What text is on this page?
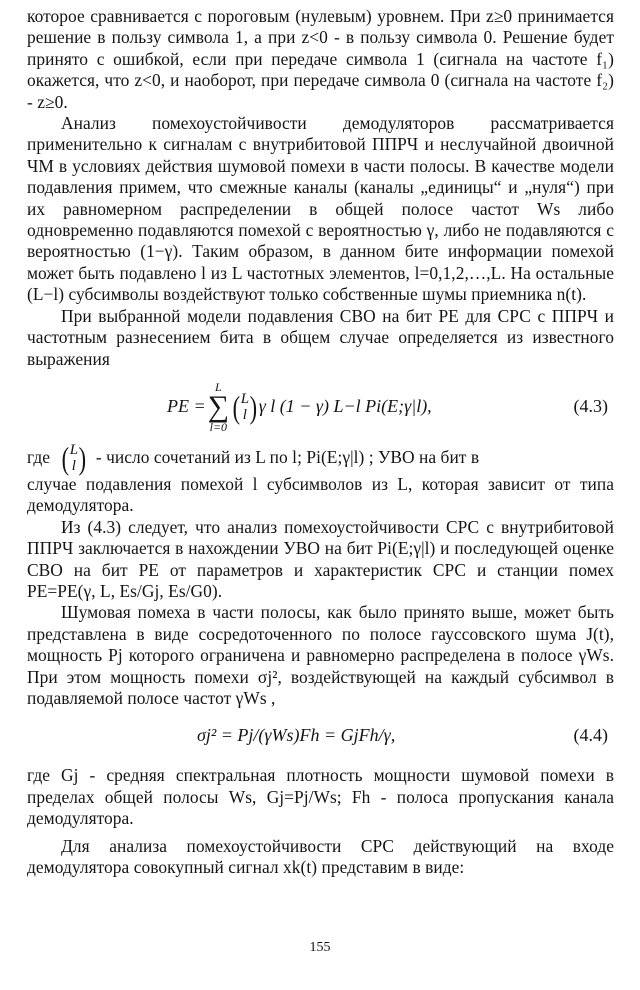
которое сравнивается с пороговым (нулевым) уровнем. При z≥0 принимается решение в пользу символа 1, а при z<0 - в пользу символа 0. Решение будет принято с ошибкой, если при передаче символа 1 (сигнала на частоте f₁) окажется, что z<0, и наоборот, при передаче символа 0 (сигнала на частоте f₂) - z≥0.

Анализ помехоустойчивости демодуляторов рассматривается применительно к сигналам с внутрибитовой ППРЧ и неслучайной двоичной ЧМ в условиях действия шумовой помехи в части полосы. В качестве модели подавления примем, что смежные каналы (каналы „единицы“ и „нуля“) при их равномерном распределении в общей полосе частот Ws либо одновременно подавляются помехой с вероятностью γ, либо не подавляются с вероятностью (1−γ). Таким образом, в данном бите информации помехой может быть подавлено l из L частотных элементов, l=0,1,2,…,L. На остальные (L−l) субсимволы воздействуют только собственные шумы приемника n(t).

При выбранной модели подавления СВО на бит PE для СРС с ППРЧ и частотным разнесением бита в общем случае определяется из известного выражения

PE =
L
∑
l=0
( L
l ) γ l (1 − γ) L−l Pi(E;γ|l),	(4.3)

где ( L
l ) - число сочетаний из L по l; Pi(E;γ|l) ; УВО на бит в

случае подавления помехой l субсимволов из L, которая зависит от типа демодулятора.

Из (4.3) следует, что анализ помехоустойчивости СРС с внутрибитовой ППРЧ заключается в нахождении УВО на бит Pi(E;γ|l) и последующей оценке СВО на бит PE от параметров и характеристик СРС и станции помех PE=PE(γ, L, Es/Gj, Es/G0).

Шумовая помеха в части полосы, как было принято выше, может быть представлена в виде сосредоточенного по полосе гауссовского шума J(t), мощность Pj которого ограничена и равномерно распределена в полосе γWs. При этом мощность помехи σj², воздействующей на каждый субсимвол в подавляемой полосе частот γWs ,

σj² = Pj/(γWs)Fh = GjFh/γ,	(4.4)

где Gj - средняя спектральная плотность мощности шумовой помехи в пределах общей полосы Ws, Gj=Pj/Ws; Fh - полоса пропускания канала демодулятора.

Для анализа помехоустойчивости СРС действующий на входе демодулятора совокупный сигнал xk(t) представим в виде:

155
